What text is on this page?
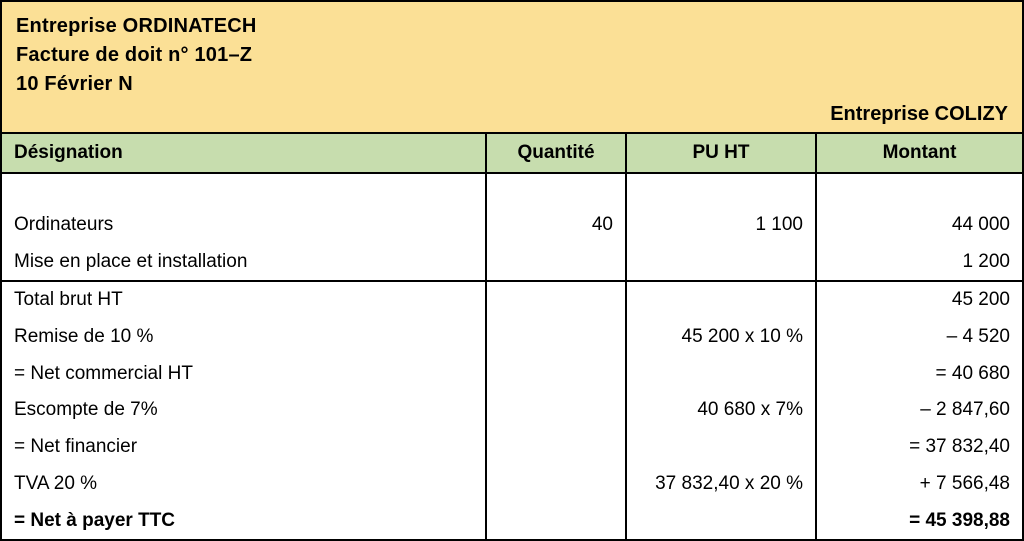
Entreprise ORDINATECH
Facture de doit n° 101–Z
10 Février N
Entreprise COLIZY
Désignation	Quantité	PU HT	Montant

Ordinateurs	40	1 100	44 000
Mise en place et installation			1 200
Total brut HT			45 200
Remise de 10 %		45 200 x 10 %	– 4 520
= Net commercial HT			= 40 680
Escompte de 7%		40 680 x 7%	– 2 847,60
= Net financier			= 37 832,40
TVA 20 %		37 832,40 x 20 %	+ 7 566,48
= Net à payer TTC			= 45 398,88
